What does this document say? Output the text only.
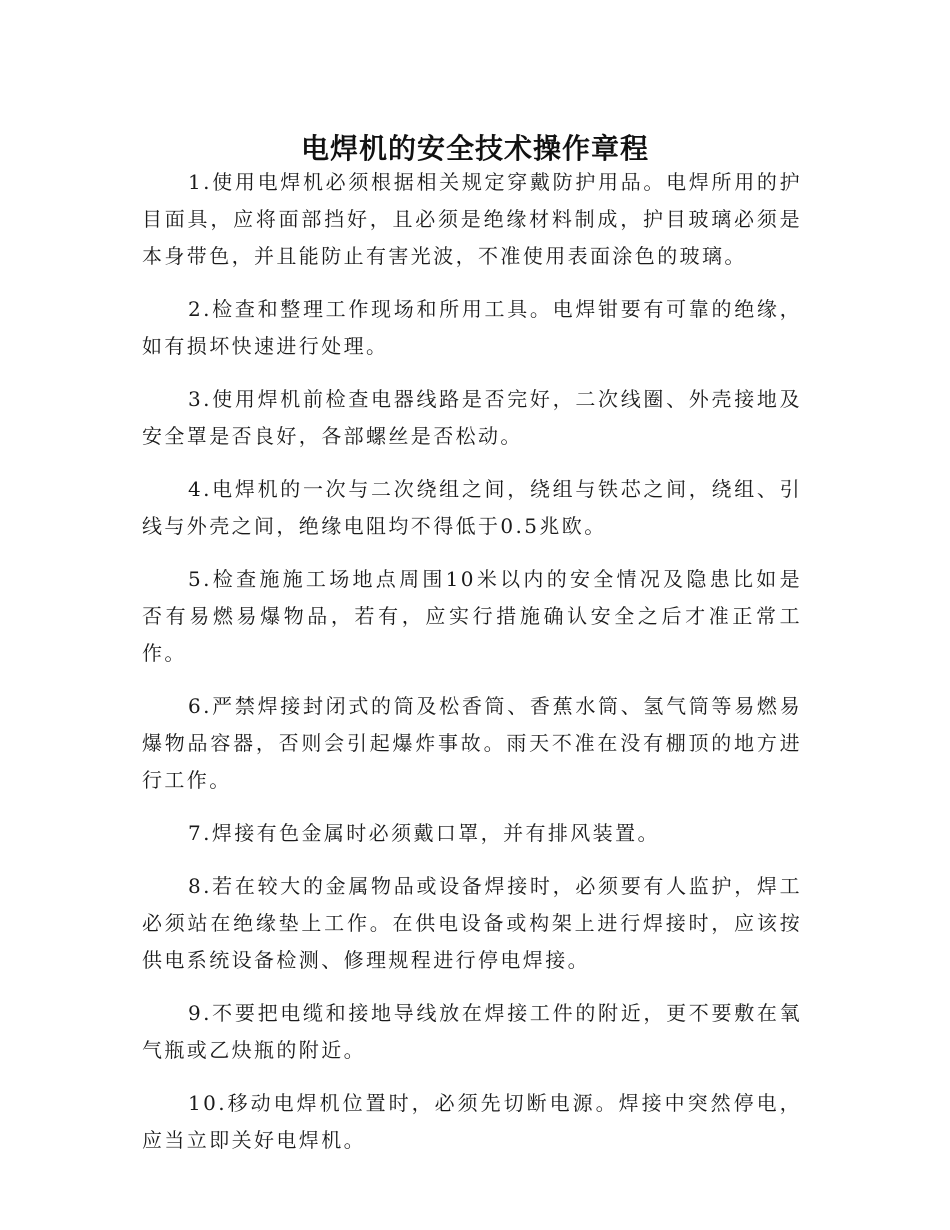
电焊机的安全技术操作章程

1.使用电焊机必须根据相关规定穿戴防护用品。电焊所用的护目面具，应将面部挡好，且必须是绝缘材料制成，护目玻璃必须是本身带色，并且能防止有害光波，不准使用表面涂色的玻璃。

2.检查和整理工作现场和所用工具。电焊钳要有可靠的绝缘，如有损坏快速进行处理。

3.使用焊机前检查电器线路是否完好，二次线圈、外壳接地及安全罩是否良好，各部螺丝是否松动。

4.电焊机的一次与二次绕组之间，绕组与铁芯之间，绕组、引线与外壳之间，绝缘电阻均不得低于0.5兆欧。

5.检查施施工场地点周围10米以内的安全情况及隐患比如是否有易燃易爆物品，若有，应实行措施确认安全之后才准正常工作。

6.严禁焊接封闭式的筒及松香筒、香蕉水筒、氢气筒等易燃易爆物品容器，否则会引起爆炸事故。雨天不准在没有棚顶的地方进行工作。

7.焊接有色金属时必须戴口罩，并有排风装置。

8.若在较大的金属物品或设备焊接时，必须要有人监护，焊工必须站在绝缘垫上工作。在供电设备或构架上进行焊接时，应该按供电系统设备检测、修理规程进行停电焊接。

9.不要把电缆和接地导线放在焊接工件的附近，更不要敷在氧气瓶或乙炔瓶的附近。

10.移动电焊机位置时，必须先切断电源。焊接中突然停电，应当立即关好电焊机。
